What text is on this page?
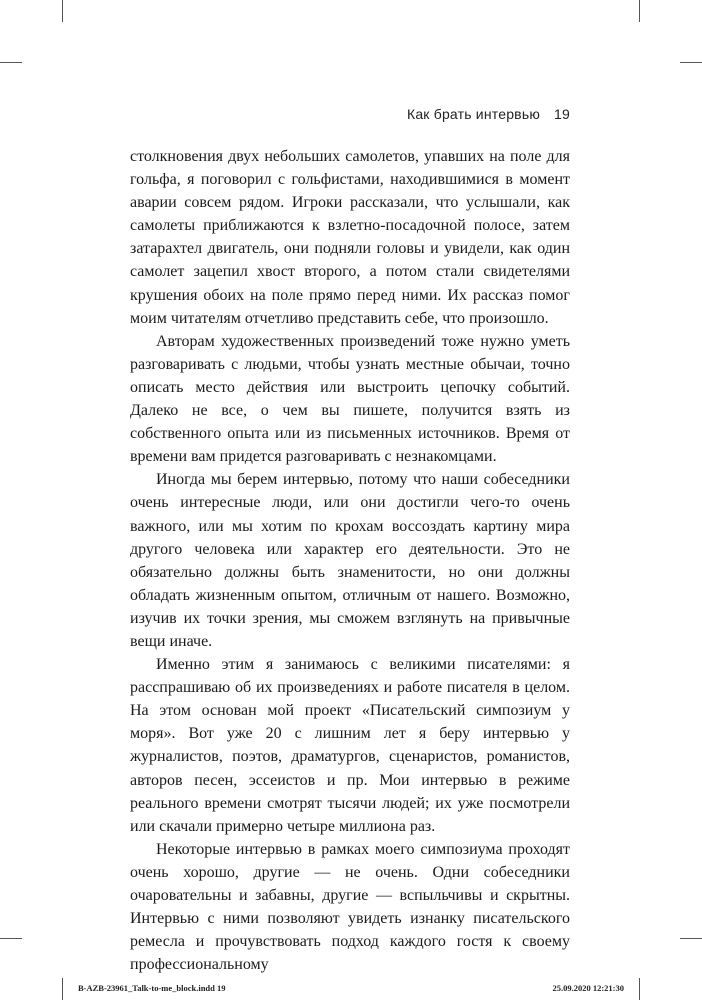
Как брать интервью 19

столкновения двух небольших самолетов, упавших на поле для гольфа, я поговорил с гольфистами, находившимися в момент аварии совсем рядом. Игроки рассказали, что услышали, как самолеты приближаются к взлетно-посадочной полосе, затем затарахтел двигатель, они подняли головы и увидели, как один самолет зацепил хвост второго, а потом стали свидетелями крушения обоих на поле прямо перед ними. Их рассказ помог моим читателям отчетливо представить себе, что произошло.

Авторам художественных произведений тоже нужно уметь разговаривать с людьми, чтобы узнать местные обычаи, точно описать место действия или выстроить цепочку событий. Далеко не все, о чем вы пишете, получится взять из собственного опыта или из письменных источников. Время от времени вам придется разговаривать с незнакомцами.

Иногда мы берем интервью, потому что наши собеседники очень интересные люди, или они достигли чего-то очень важного, или мы хотим по крохам воссоздать картину мира другого человека или характер его деятельности. Это не обязательно должны быть знаменитости, но они должны обладать жизненным опытом, отличным от нашего. Возможно, изучив их точки зрения, мы сможем взглянуть на привычные вещи иначе.

Именно этим я занимаюсь с великими писателями: я расспрашиваю об их произведениях и работе писателя в целом. На этом основан мой проект «Писательский симпозиум у моря». Вот уже 20 с лишним лет я беру интервью у журналистов, поэтов, драматургов, сценаристов, романистов, авторов песен, эссеистов и пр. Мои интервью в режиме реального времени смотрят тысячи людей; их уже посмотрели или скачали примерно четыре миллиона раз.

Некоторые интервью в рамках моего симпозиума проходят очень хорошо, другие — не очень. Одни собеседники очаровательны и забавны, другие — вспыльчивы и скрытны. Интервью с ними позволяют увидеть изнанку писательского ремесла и прочувствовать подход каждого гостя к своему профессиональному

B-AZB-23961_Talk-to-me_block.indd 19	25.09.2020 12:21:30
